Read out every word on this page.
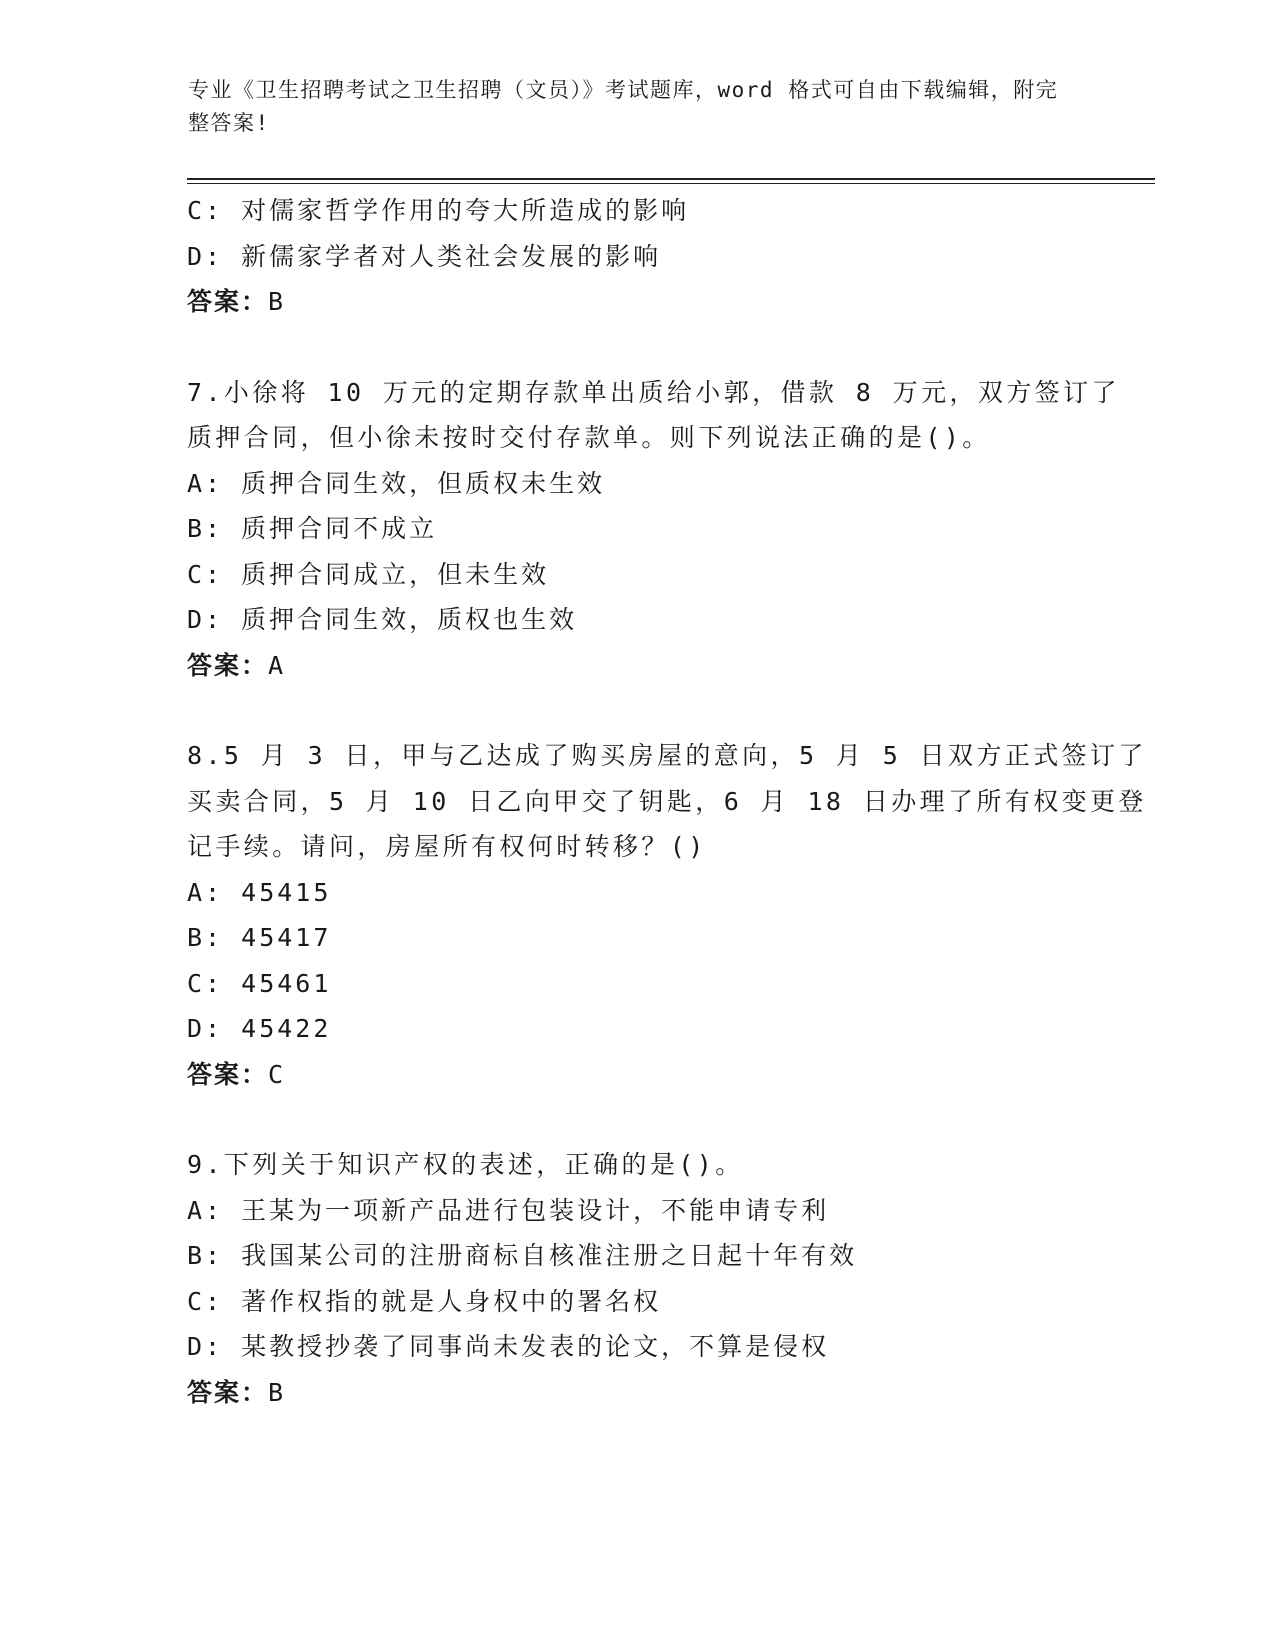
专业《卫生招聘考试之卫生招聘（文员）》考试题库，word 格式可自由下载编辑，附完整答案!
C: 对儒家哲学作用的夸大所造成的影响
D: 新儒家学者对人类社会发展的影响
答案：B
7.小徐将 10 万元的定期存款单出质给小郭，借款 8 万元，双方签订了
质押合同，但小徐未按时交付存款单。则下列说法正确的是()。
A: 质押合同生效，但质权未生效
B: 质押合同不成立
C: 质押合同成立，但未生效
D: 质押合同生效，质权也生效
答案：A
8.5 月 3 日，甲与乙达成了购买房屋的意向，5 月 5 日双方正式签订了
买卖合同，5 月 10 日乙向甲交了钥匙，6 月 18 日办理了所有权变更登
记手续。请问，房屋所有权何时转移？()
A: 45415
B: 45417
C: 45461
D: 45422
答案：C
9.下列关于知识产权的表述，正确的是()。
A: 王某为一项新产品进行包装设计，不能申请专利
B: 我国某公司的注册商标自核准注册之日起十年有效
C: 著作权指的就是人身权中的署名权
D: 某教授抄袭了同事尚未发表的论文，不算是侵权
答案：B
